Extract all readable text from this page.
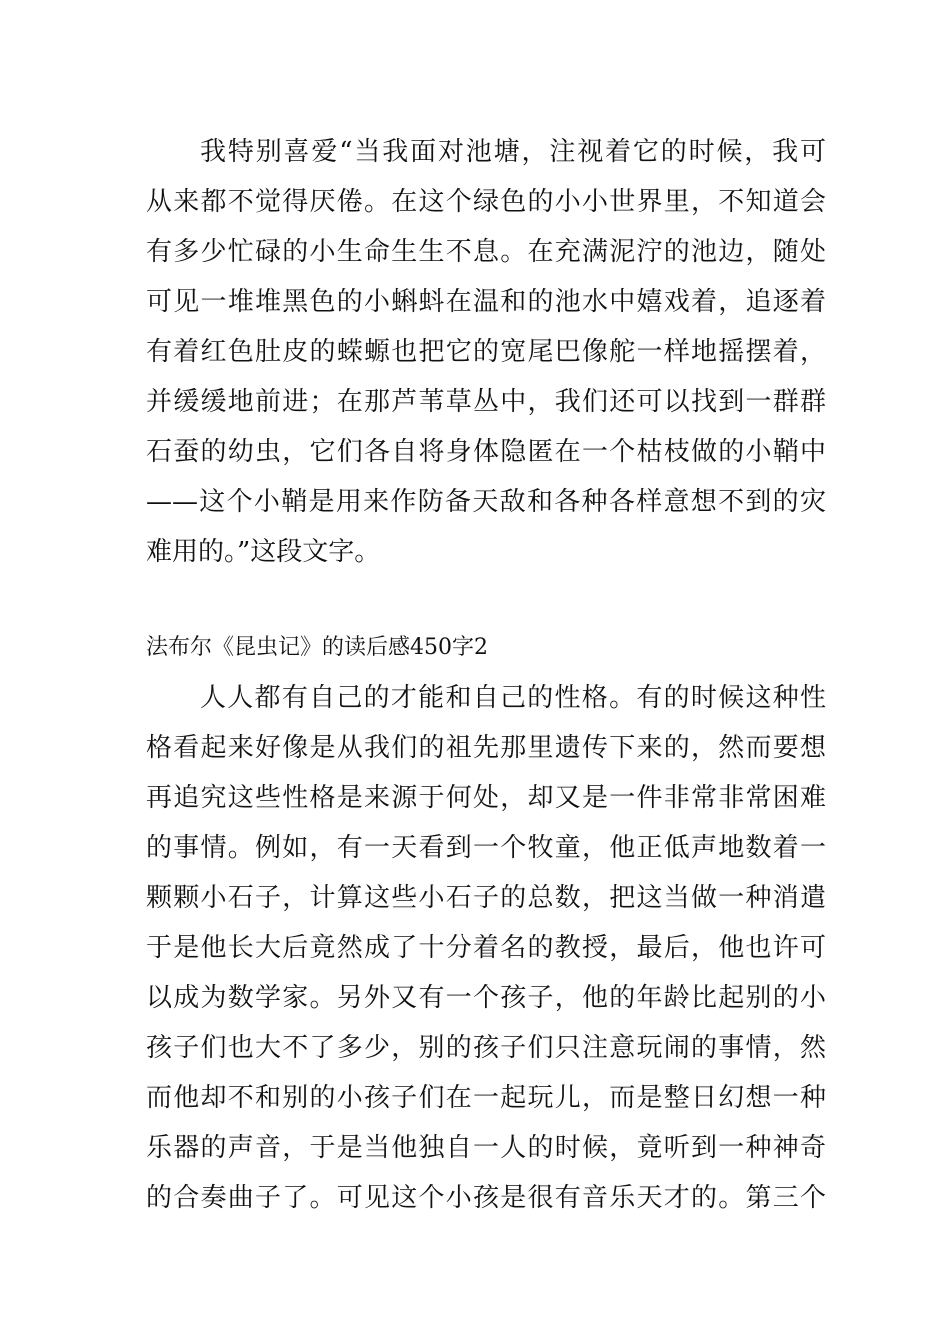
我特别喜爱“当我面对池塘，注视着它的时候，我可
从来都不觉得厌倦。在这个绿色的小小世界里，不知道会
有多少忙碌的小生命生生不息。在充满泥泞的池边，随处
可见一堆堆黑色的小蝌蚪在温和的池水中嬉戏着，追逐着
有着红色肚皮的蝾螈也把它的宽尾巴像舵一样地摇摆着，
并缓缓地前进；在那芦苇草丛中，我们还可以找到一群群
石蚕的幼虫，它们各自将身体隐匿在一个枯枝做的小鞘中
——这个小鞘是用来作防备天敌和各种各样意想不到的灾
难用的。”这段文字。
法布尔《昆虫记》的读后感450字2
人人都有自己的才能和自己的性格。有的时候这种性
格看起来好像是从我们的祖先那里遗传下来的，然而要想
再追究这些性格是来源于何处，却又是一件非常非常困难
的事情。例如，有一天看到一个牧童，他正低声地数着一
颗颗小石子，计算这些小石子的总数，把这当做一种消遣
于是他长大后竟然成了十分着名的教授，最后，他也许可
以成为数学家。另外又有一个孩子，他的年龄比起别的小
孩子们也大不了多少，别的孩子们只注意玩闹的事情，然
而他却不和别的小孩子们在一起玩儿，而是整日幻想一种
乐器的声音，于是当他独自一人的时候，竟听到一种神奇
的合奏曲子了。可见这个小孩是很有音乐天才的。第三个
